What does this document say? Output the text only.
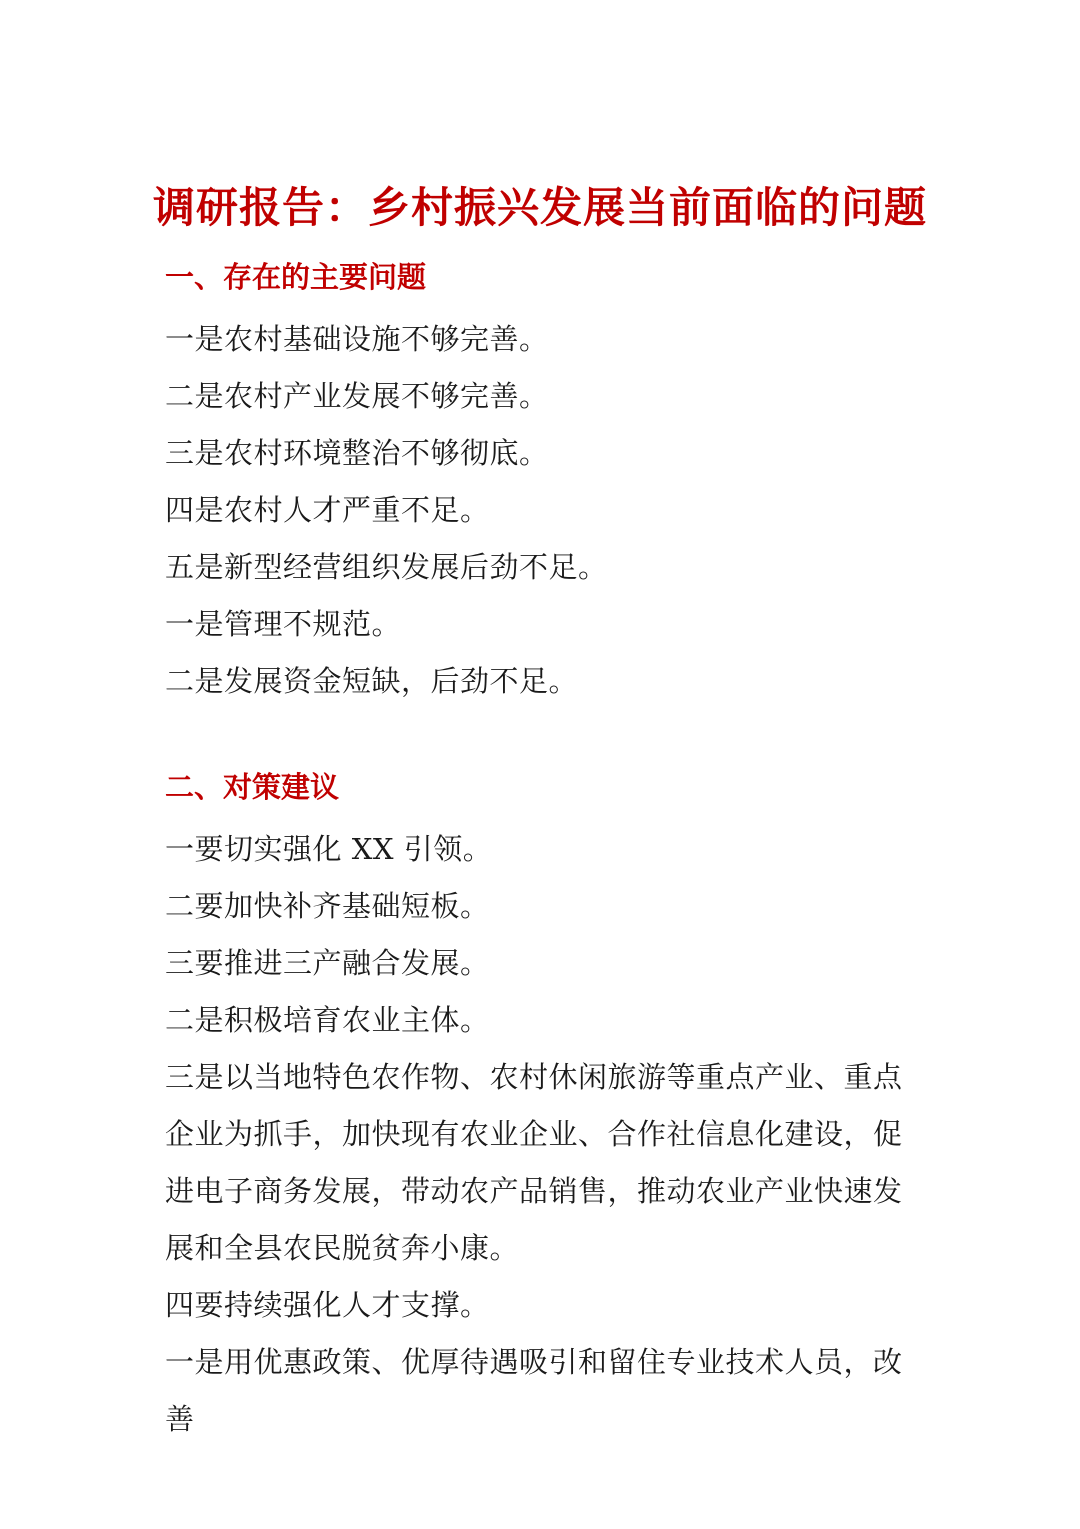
调研报告：乡村振兴发展当前面临的问题
一、存在的主要问题

一是农村基础设施不够完善。

二是农村产业发展不够完善。

三是农村环境整治不够彻底。

四是农村人才严重不足。

五是新型经营组织发展后劲不足。

一是管理不规范。

二是发展资金短缺，后劲不足。

二、对策建议

一要切实强化 XX 引领。

二要加快补齐基础短板。

三要推进三产融合发展。

二是积极培育农业主体。

三是以当地特色农作物、农村休闲旅游等重点产业、重点企业为抓手，加快现有农业企业、合作社信息化建设，促进电子商务发展，带动农产品销售，推动农业产业快速发展和全县农民脱贫奔小康。

四要持续强化人才支撑。

一是用优惠政策、优厚待遇吸引和留住专业技术人员，改善
